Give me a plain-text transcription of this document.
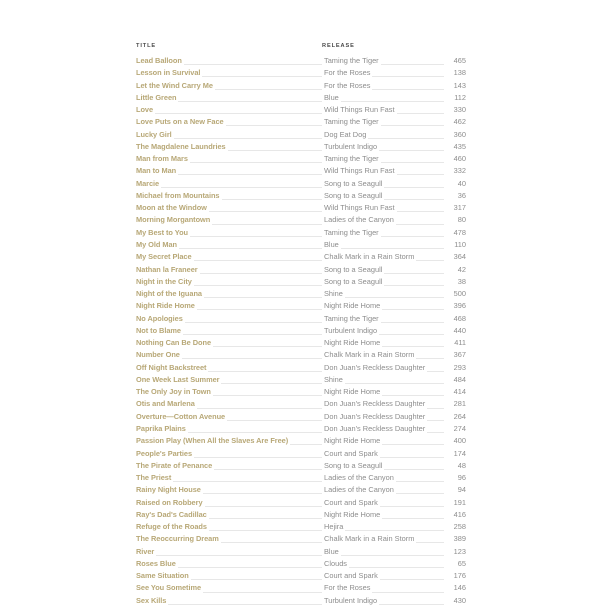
TITLE	RELEASE
Lead Balloon	Taming the Tiger	465
Lesson in Survival	For the Roses	138
Let the Wind Carry Me	For the Roses	143
Little Green	Blue	112
Love	Wild Things Run Fast	330
Love Puts on a New Face	Taming the Tiger	462
Lucky Girl	Dog Eat Dog	360
The Magdalene Laundries	Turbulent Indigo	435
Man from Mars	Taming the Tiger	460
Man to Man	Wild Things Run Fast	332
Marcie	Song to a Seagull	40
Michael from Mountains	Song to a Seagull	36
Moon at the Window	Wild Things Run Fast	317
Morning Morgantown	Ladies of the Canyon	80
My Best to You	Taming the Tiger	478
My Old Man	Blue	110
My Secret Place	Chalk Mark in a Rain Storm	364
Nathan la Franeer	Song to a Seagull	42
Night in the City	Song to a Seagull	38
Night of the Iguana	Shine	500
Night Ride Home	Night Ride Home	396
No Apologies	Taming the Tiger	468
Not to Blame	Turbulent Indigo	440
Nothing Can Be Done	Night Ride Home	411
Number One	Chalk Mark in a Rain Storm	367
Off Night Backstreet	Don Juan's Reckless Daughter	293
One Week Last Summer	Shine	484
The Only Joy in Town	Night Ride Home	414
Otis and Marlena	Don Juan's Reckless Daughter	281
Overture—Cotton Avenue	Don Juan's Reckless Daughter	264
Paprika Plains	Don Juan's Reckless Daughter	274
Passion Play (When All the Slaves Are Free)	Night Ride Home	400
People's Parties	Court and Spark	174
The Pirate of Penance	Song to a Seagull	48
The Priest	Ladies of the Canyon	96
Rainy Night House	Ladies of the Canyon	94
Raised on Robbery	Court and Spark	191
Ray's Dad's Cadillac	Night Ride Home	416
Refuge of the Roads	Hejira	258
The Reoccurring Dream	Chalk Mark in a Rain Storm	389
River	Blue	123
Roses Blue	Clouds	65
Same Situation	Court and Spark	176
See You Sometime	For the Roses	146
Sex Kills	Turbulent Indigo	430
